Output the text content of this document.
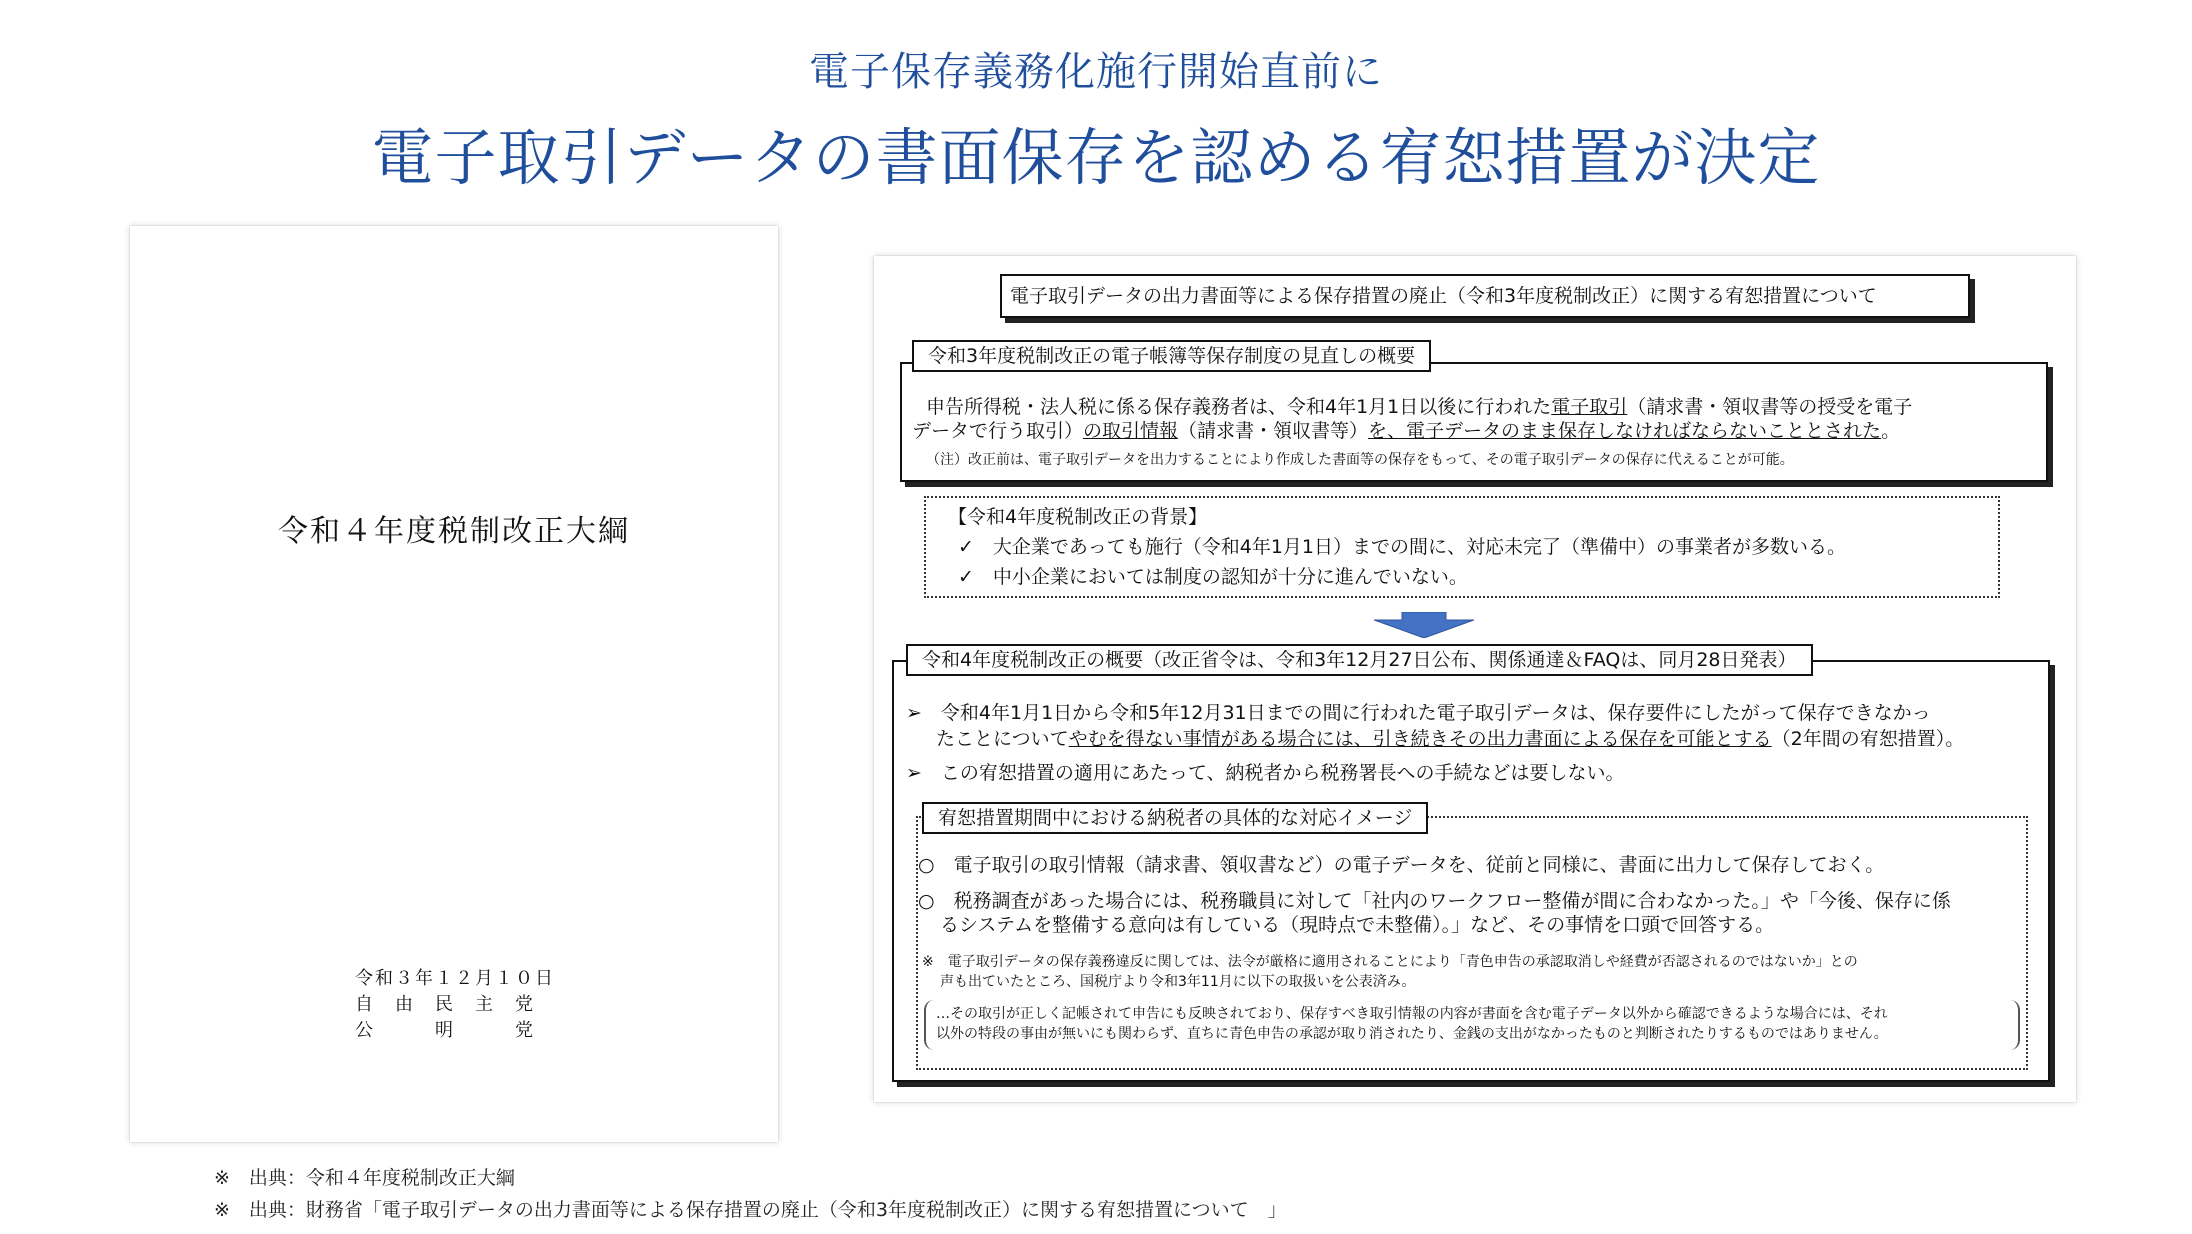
電子保存義務化施行開始直前に
電子取引データの書面保存を認める宥恕措置が決定
令和４年度税制改正大綱
令和３年１２月１０日
自　由　民　主　党
公　　　明　　　党
電子取引データの出力書面等による保存措置の廃止（令和3年度税制改正）に関する宥恕措置について
申告所得税・法人税に係る保存義務者は、令和4年1月1日以後に行われた電子取引（請求書・領収書等の授受を電子
データで行う取引）の取引情報（請求書・領収書等）を、電子データのまま保存しなければならないこととされた。
（注）改正前は、電子取引データを出力することにより作成した書面等の保存をもって、その電子取引データの保存に代えることが可能。
令和3年度税制改正の電子帳簿等保存制度の見直しの概要
【令和4年度税制改正の背景】
✓　大企業であっても施行（令和4年1月1日）までの間に、対応未完了（準備中）の事業者が多数いる。
✓　中小企業においては制度の認知が十分に進んでいない。
➢　令和4年1月1日から令和5年12月31日までの間に行われた電子取引データは、保存要件にしたがって保存できなかっ
たことについてやむを得ない事情がある場合には、引き続きその出力書面による保存を可能とする（2年間の宥恕措置）。
➢　この宥恕措置の適用にあたって、納税者から税務署長への手続などは要しない。
○　電子取引の取引情報（請求書、領収書など）の電子データを、従前と同様に、書面に出力して保存しておく。
○　税務調査があった場合には、税務職員に対して「社内のワークフロー整備が間に合わなかった。」や「今後、保存に係
るシステムを整備する意向は有している（現時点で未整備）。」など、その事情を口頭で回答する。
※　電子取引データの保存義務違反に関しては、法令が厳格に適用されることにより「青色申告の承認取消しや経費が否認されるのではないか」との
声も出ていたところ、国税庁より令和3年11月に以下の取扱いを公表済み。
…その取引が正しく記帳されて申告にも反映されており、保存すべき取引情報の内容が書面を含む電子データ以外から確認できるような場合には、それ
以外の特段の事由が無いにも関わらず、直ちに青色申告の承認が取り消されたり、金銭の支出がなかったものと判断されたりするものではありません。
宥恕措置期間中における納税者の具体的な対応イメージ
令和4年度税制改正の概要（改正省令は、令和3年12月27日公布、関係通達＆FAQは、同月28日発表）
※　出典：令和４年度税制改正大綱
※　出典：財務省「電子取引データの出力書面等による保存措置の廃止（令和3年度税制改正）に関する宥恕措置について　」
